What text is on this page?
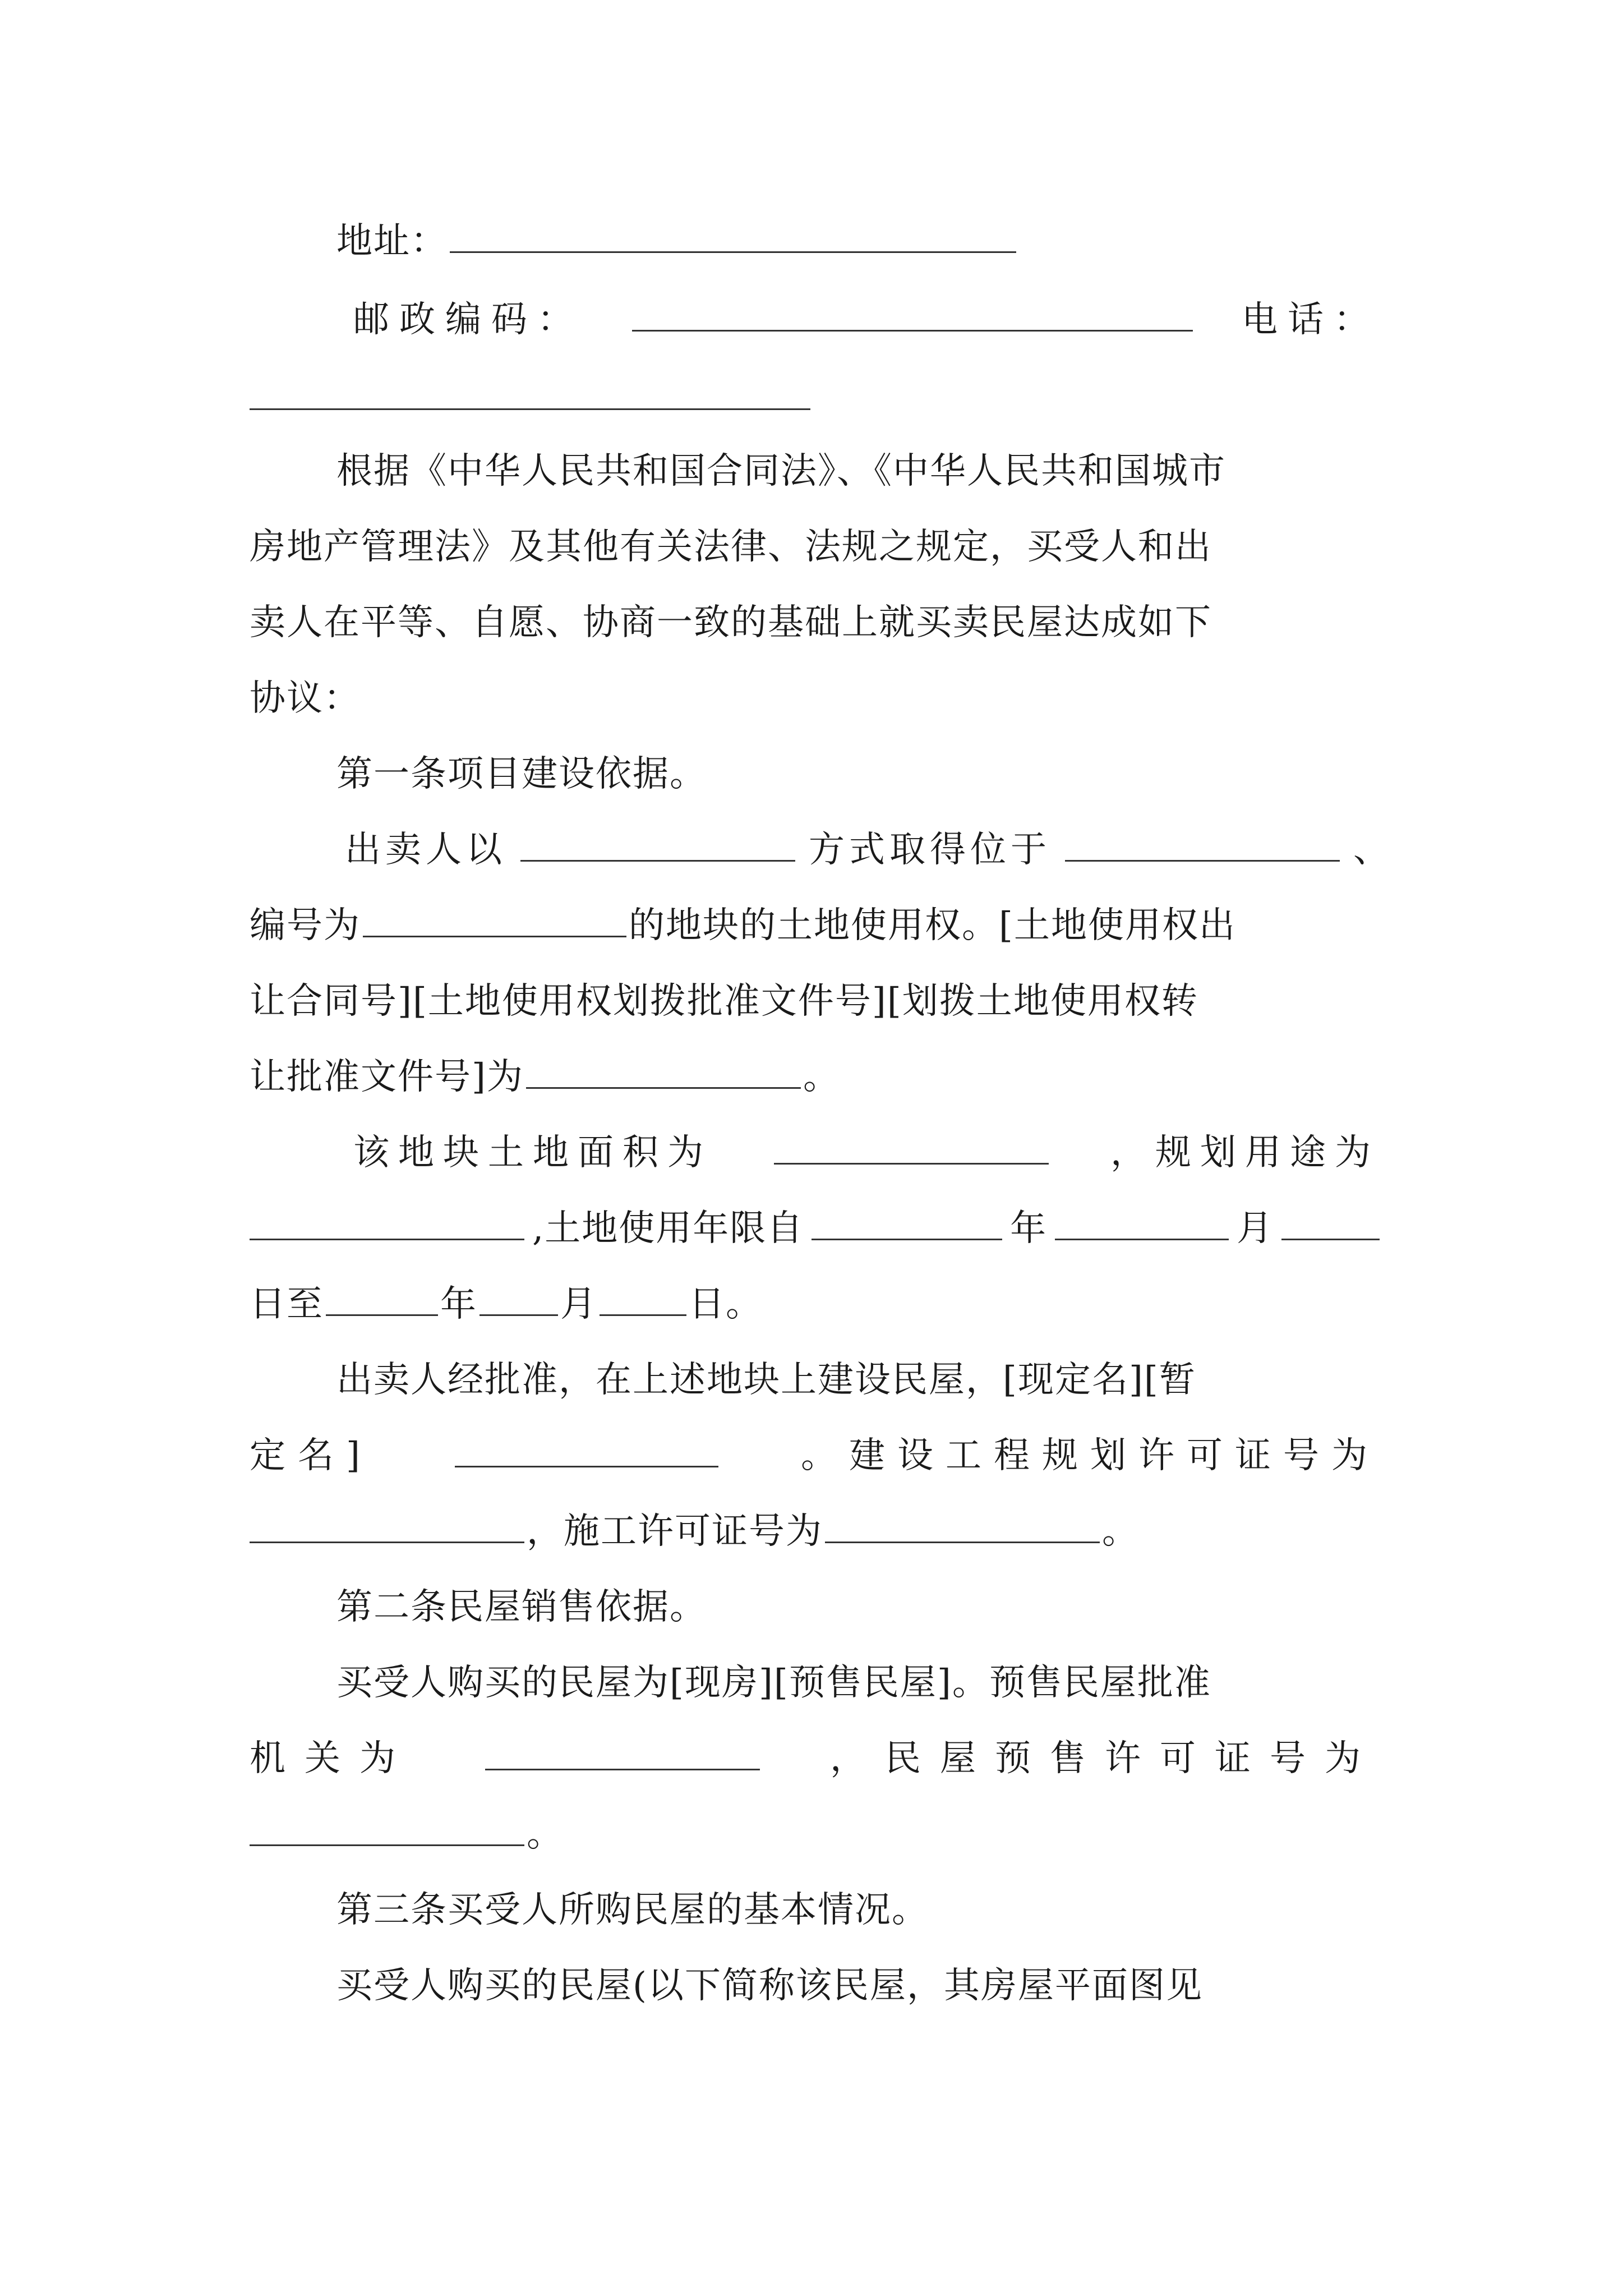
地址：
邮政编码：	电话：
根据《中华人民共和国合同法》、《中华人民共和国城市
房地产管理法》及其他有关法律、法规之规定，买受人和出
卖人在平等、自愿、协商一致的基础上就买卖民屋达成如下
协议：
第一条项目建设依据。
出卖人以	方式取得位于	、
编号为	的地块的土地使用权。[土地使用权出
让合同号][土地使用权划拨批准文件号][划拨土地使用权转
让批准文件号]为	。
该地块土地面积为	，规划用途为
,土地使用年限自	年	月
日至	年 月	日。
出卖人经批准，在上述地块上建设民屋，[现定名][暂
定名]	。建设工程规划许可证号为
，施工许可证号为	。
第二条民屋销售依据。
买受人购买的民屋为[现房][预售民屋]。预售民屋批准
机关为	，民屋预售许可证号为
。
第三条买受人所购民屋的基本情况。
买受人购买的民屋(以下简称该民屋，其房屋平面图见
